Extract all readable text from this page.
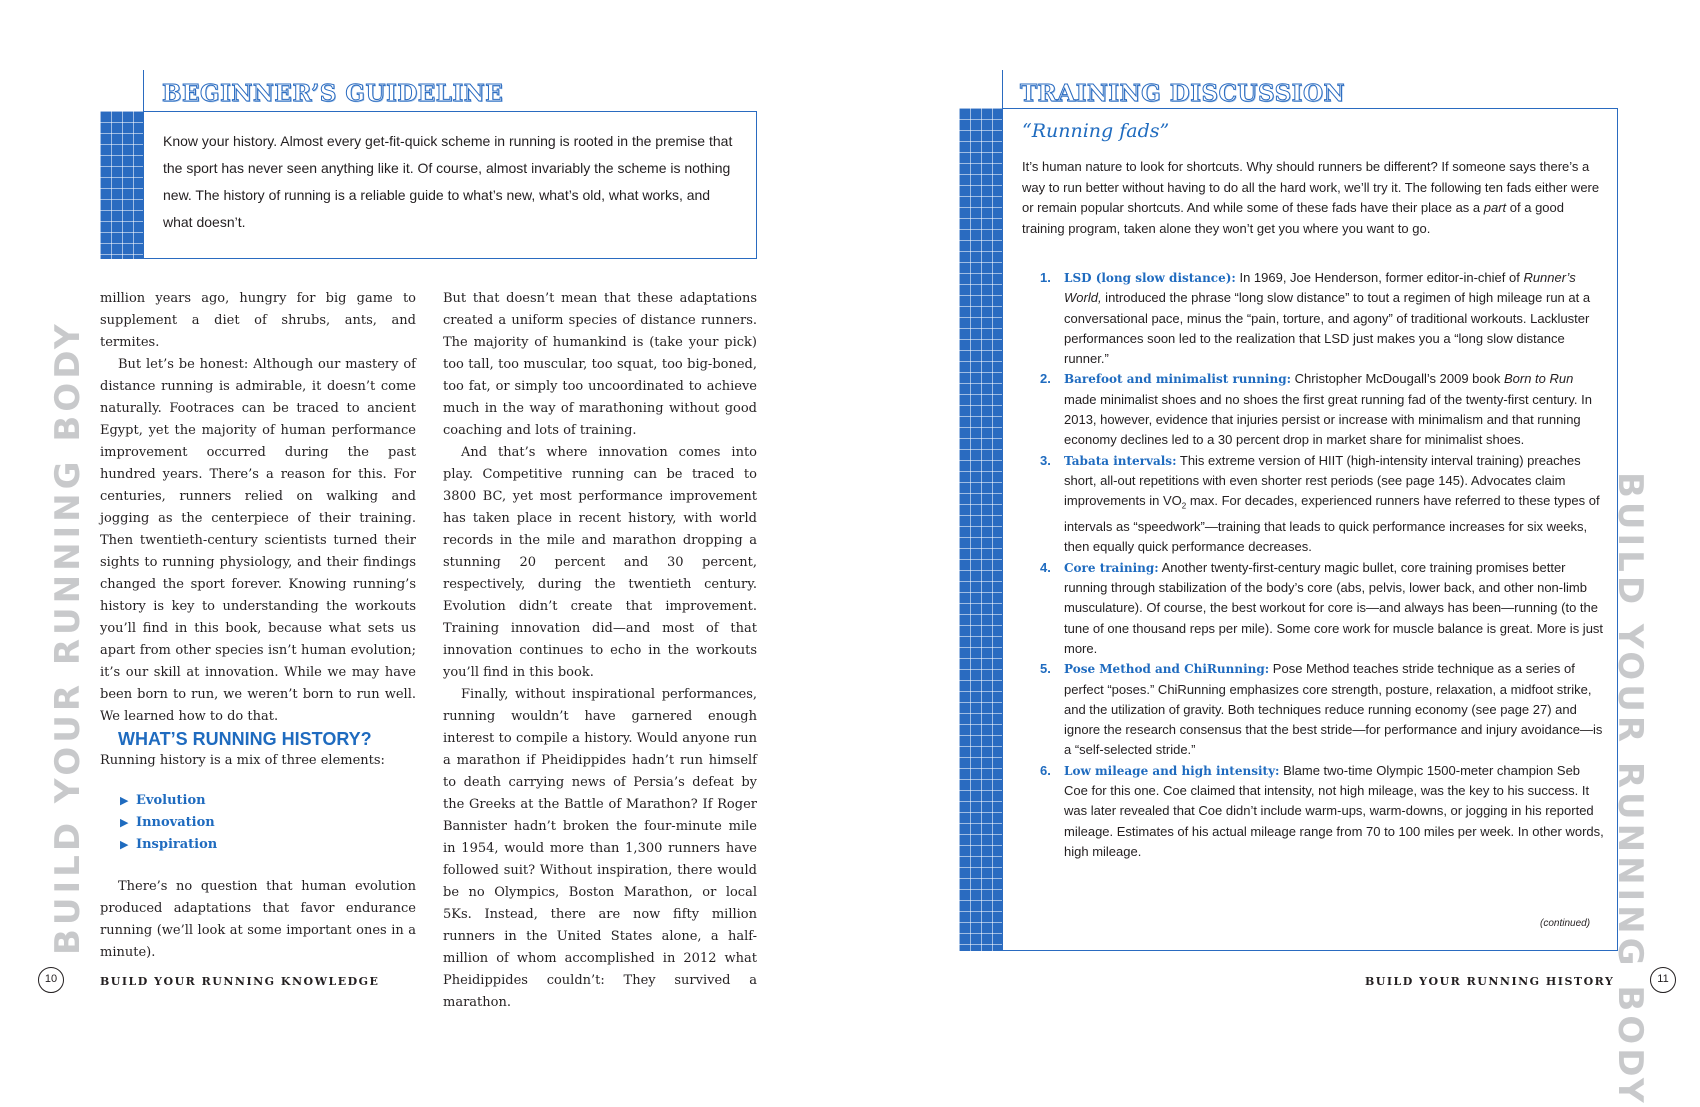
BEGINNER’S GUIDELINE
Know your history. Almost every get-fit-quick scheme in running is rooted in the premise that the sport has never seen anything like it. Of course, almost invariably the scheme is nothing new. The history of running is a reliable guide to what’s new, what’s old, what works, and what doesn’t.

million years ago, hungry for big game to supplement a diet of shrubs, ants, and termites.

But let’s be honest: Although our mastery of distance running is admirable, it doesn’t come naturally. Footraces can be traced to ancient Egypt, yet the majority of human performance improvement occurred during the past hundred years. There’s a reason for this. For centuries, runners relied on walking and jogging as the centerpiece of their training. Then twentieth-century scientists turned their sights to running physiology, and their findings changed the sport forever. Knowing running’s history is key to understanding the workouts you’ll find in this book, because what sets us apart from other species isn’t human evolution; it’s our skill at innovation. While we may have been born to run, we weren’t born to run well. We learned how to do that.

WHAT’S RUNNING HISTORY?

Running history is a mix of three elements:

▶ Evolution
▶ Innovation
▶ Inspiration

There’s no question that human evolution produced adaptations that favor endurance running (we’ll look at some important ones in a minute).

But that doesn’t mean that these adaptations created a uniform species of distance runners. The majority of humankind is (take your pick) too tall, too muscular, too squat, too big-boned, too fat, or simply too uncoordinated to achieve much in the way of marathoning without good coaching and lots of training.

And that’s where innovation comes into play. Competitive running can be traced to 3800 BC, yet most performance improvement has taken place in recent history, with world records in the mile and marathon dropping a stunning 20 percent and 30 percent, respectively, during the twentieth century. Evolution didn’t create that improvement. Training innovation did—and most of that innovation continues to echo in the workouts you’ll find in this book.

Finally, without inspirational performances, running wouldn’t have garnered enough interest to compile a history. Would anyone run a marathon if Pheidippides hadn’t run himself to death carrying news of Persia’s defeat by the Greeks at the Battle of Marathon? If Roger Bannister hadn’t broken the four-minute mile in 1954, would more than 1,300 runners have followed suit? Without inspiration, there would be no Olympics, Boston Marathon, or local 5Ks. Instead, there are now fifty million runners in the United States alone, a half-million of whom accomplished in 2012 what Pheidippides couldn’t: They survived a marathon.

BUILD YOUR RUNNING BODY
10	BUILD YOUR RUNNING KNOWLEDGE
TRAINING DISCUSSION
“Running fads”
It’s human nature to look for shortcuts. Why should runners be different? If someone says there’s a way to run better without having to do all the hard work, we’ll try it. The following ten fads either were or remain popular shortcuts. And while some of these fads have their place as a part of a good training program, taken alone they won’t get you where you want to go.
1. LSD (long slow distance): In 1969, Joe Henderson, former editor-in-chief of Runner’s World, introduced the phrase “long slow distance” to tout a regimen of high mileage run at a conversational pace, minus the “pain, torture, and agony” of traditional workouts. Lackluster performances soon led to the realization that LSD just makes you a “long slow distance runner.”
2. Barefoot and minimalist running: Christopher McDougall’s 2009 book Born to Run made minimalist shoes and no shoes the first great running fad of the twenty-first century. In 2013, however, evidence that injuries persist or increase with minimalism and that running economy declines led to a 30 percent drop in market share for minimalist shoes.
3. Tabata intervals: This extreme version of HIIT (high-intensity interval training) preaches short, all-out repetitions with even shorter rest periods (see page 145). Advocates claim improvements in $VO_2$ max. For decades, experienced runners have referred to these types of intervals as “speedwork”—training that leads to quick performance increases for six weeks, then equally quick performance decreases.
4. Core training: Another twenty-first-century magic bullet, core training promises better running through stabilization of the body’s core (abs, pelvis, lower back, and other non-limb musculature). Of course, the best workout for core is—and always has been—running (to the tune of one thousand reps per mile). Some core work for muscle balance is great. More is just more.
5. Pose Method and ChiRunning: Pose Method teaches stride technique as a series of perfect “poses.” ChiRunning emphasizes core strength, posture, relaxation, a midfoot strike, and the utilization of gravity. Both techniques reduce running economy (see page 27) and ignore the research consensus that the best stride—for performance and injury avoidance—is a “self-selected stride.”
6. Low mileage and high intensity: Blame two-time Olympic 1500-meter champion Seb Coe for this one. Coe claimed that intensity, not high mileage, was the key to his success. It was later revealed that Coe didn’t include warm-ups, warm-downs, or jogging in his reported mileage. Estimates of his actual mileage range from 70 to 100 miles per week. In other words, high mileage.
(continued) BUILD YOUR RUNNING BODY 11
BUILD YOUR RUNNING HISTORY
